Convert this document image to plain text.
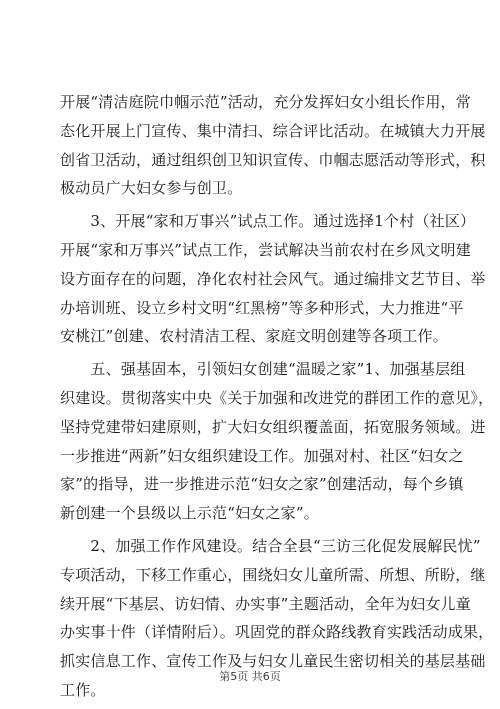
开展“清洁庭院巾帼示范”活动，充分发挥妇女小组长作用，常
态化开展上门宣传、集中清扫、综合评比活动。在城镇大力开展
创省卫活动，通过组织创卫知识宣传、巾帼志愿活动等形式，积
极动员广大妇女参与创卫。

　　3、开展“家和万事兴”试点工作。通过选择1个村（社区）
开展“家和万事兴”试点工作，尝试解决当前农村在乡风文明建
设方面存在的问题，净化农村社会风气。通过编排文艺节目、举
办培训班、设立乡村文明“红黑榜”等多种形式，大力推进“平
安桃江”创建、农村清洁工程、家庭文明创建等各项工作。

　　五、强基固本，引领妇女创建“温暖之家”1、加强基层组
织建设。贯彻落实中央《关于加强和改进党的群团工作的意见》，
坚持党建带妇建原则，扩大妇女组织覆盖面，拓宽服务领域。进
一步推进“两新”妇女组织建设工作。加强对村、社区“妇女之
家”的指导，进一步推进示范“妇女之家”创建活动，每个乡镇
新创建一个县级以上示范“妇女之家”。

　　2、加强工作作风建设。结合全县“三访三化促发展解民忧”
专项活动，下移工作重心，围绕妇女儿童所需、所想、所盼，继
续开展“下基层、访妇情、办实事”主题活动，全年为妇女儿童
办实事十件（详情附后）。巩固党的群众路线教育实践活动成果，
抓实信息工作、宣传工作及与妇女儿童民生密切相关的基层基础
工作。

第5页 共6页
